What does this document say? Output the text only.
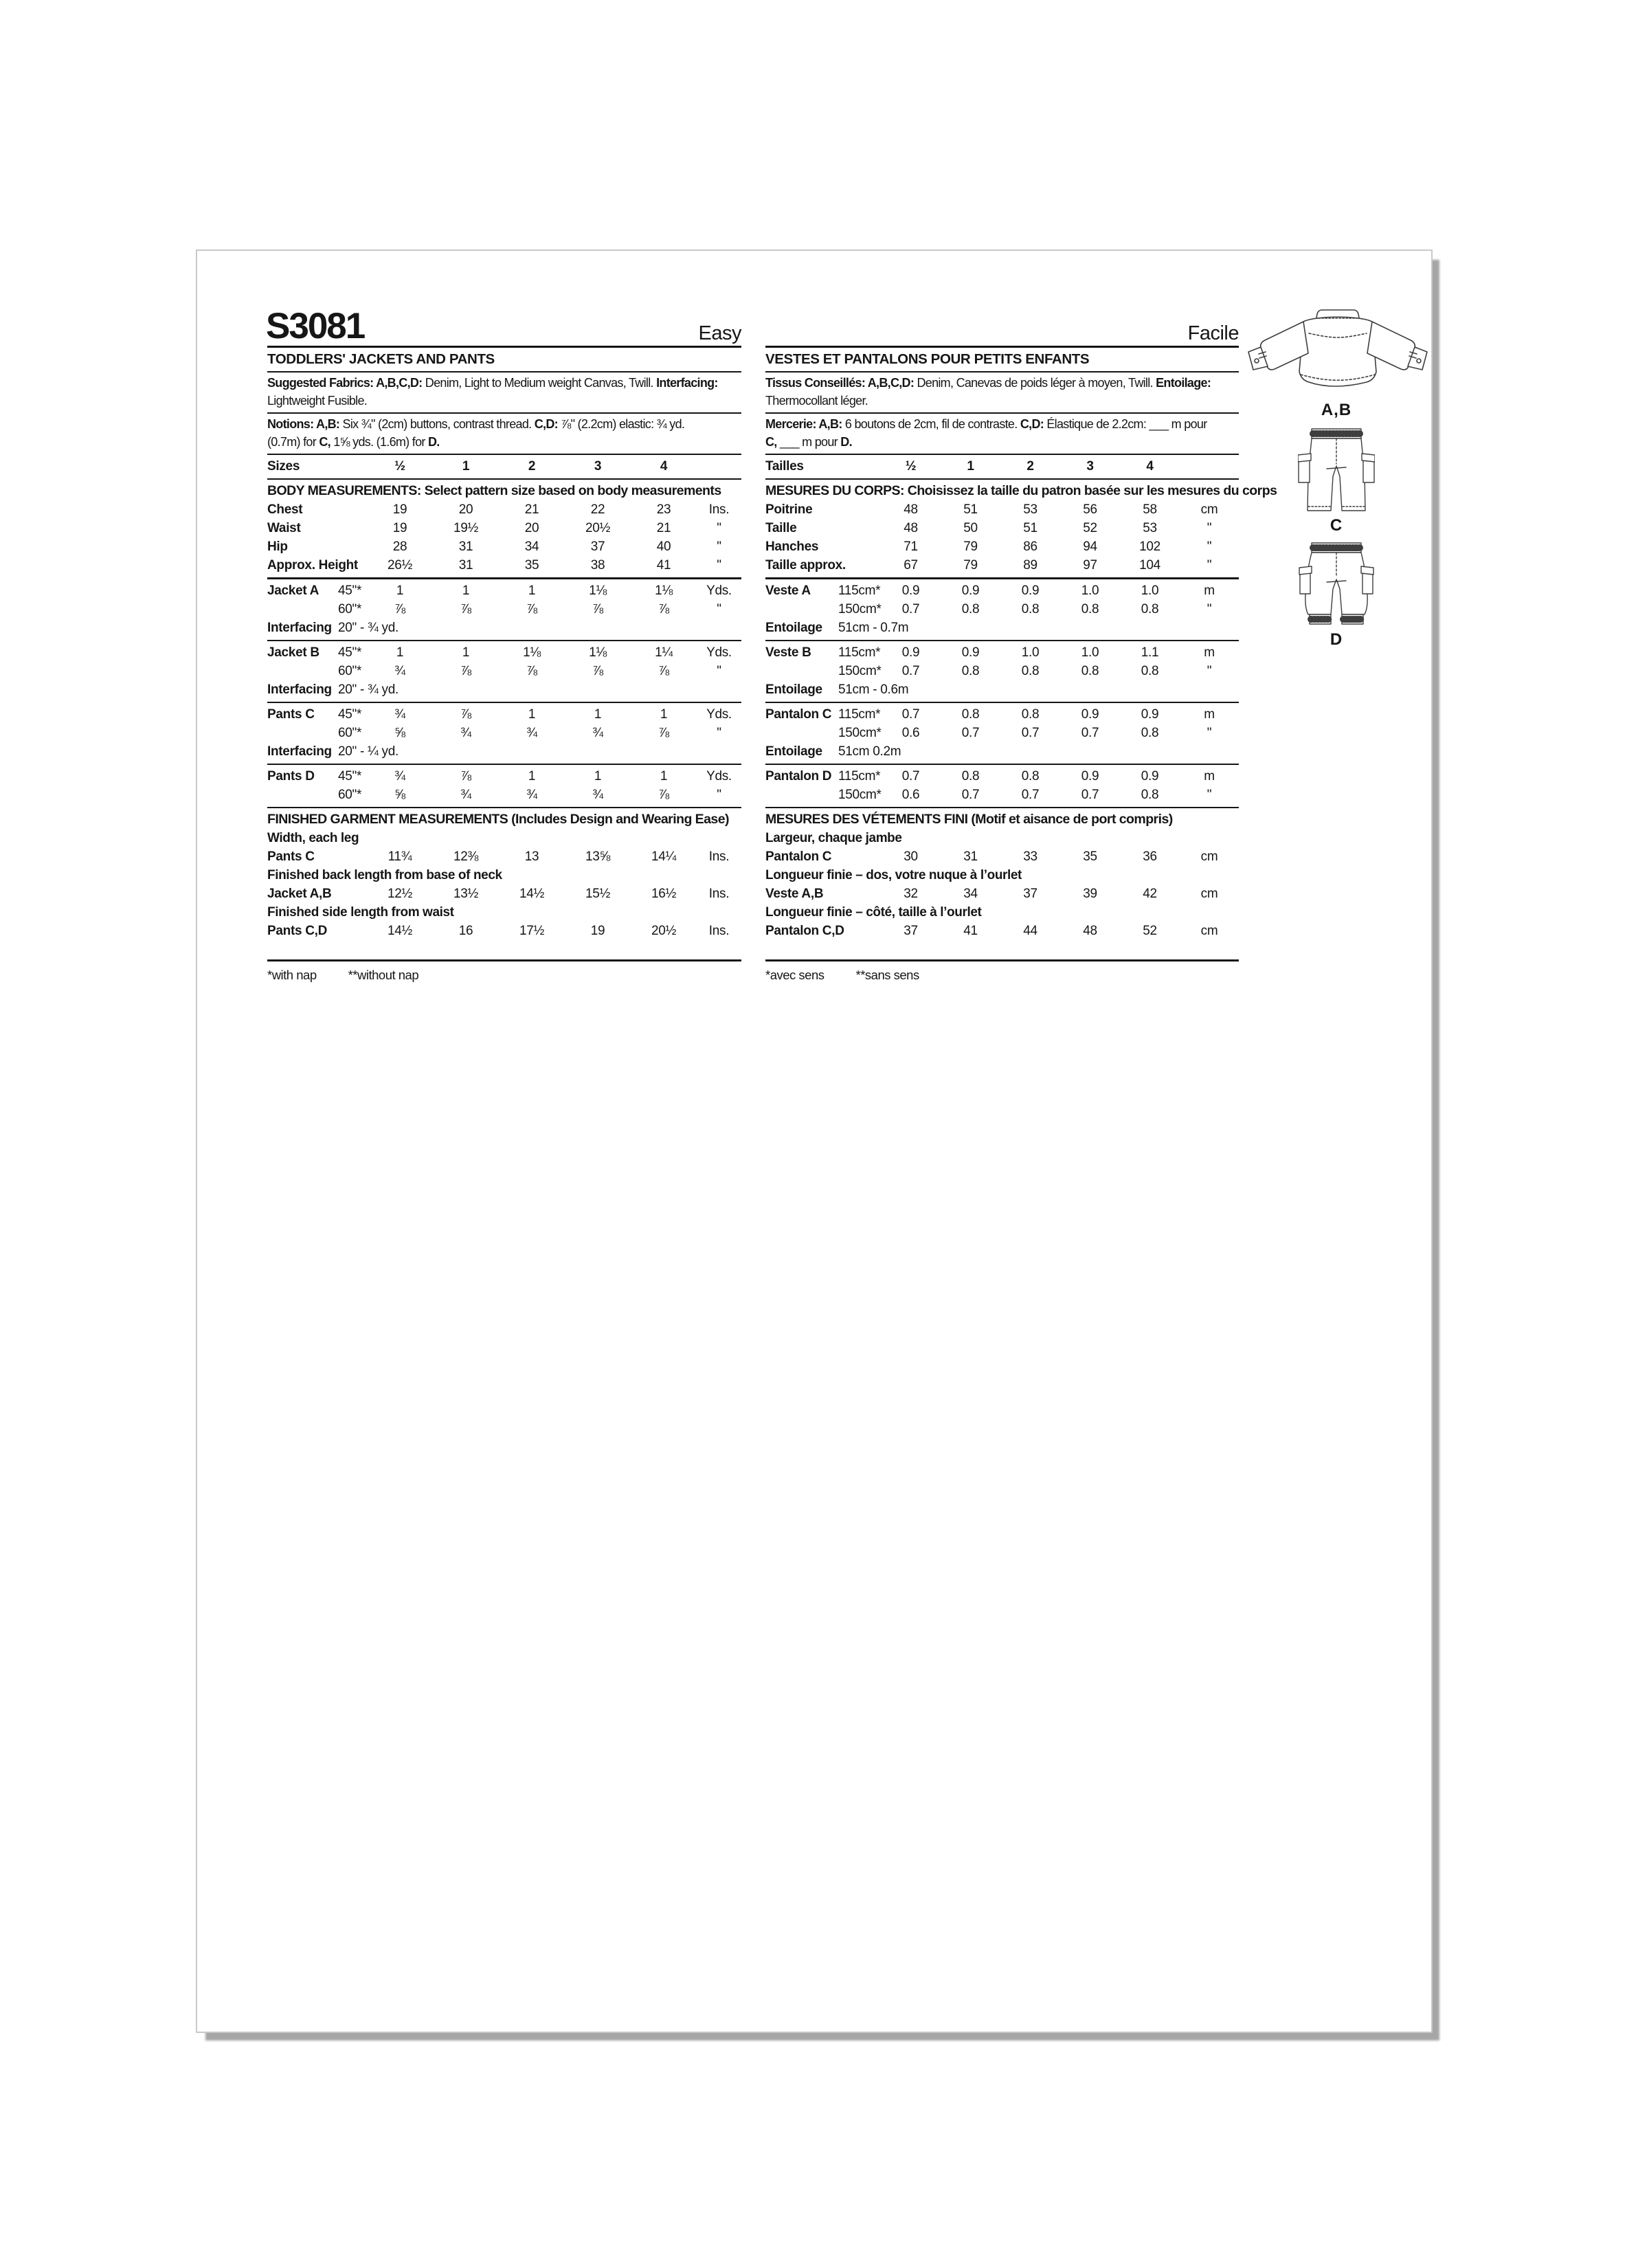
S3081	Easy
TODDLERS' JACKETS AND PANTS
Suggested Fabrics: A,B,C,D: Denim, Light to Medium weight Canvas, Twill. Interfacing:
Lightweight Fusible.
Notions: A,B: Six ¾" (2cm) buttons, contrast thread. C,D: ⅞" (2.2cm) elastic: ¾ yd.
(0.7m) for C, 1⅝ yds. (1.6m) for D.
Sizes	½	1	2	3	4
BODY MEASUREMENTS: Select pattern size based on body measurements
Chest	19	20	21	22	23	Ins.
Waist	19	19½	20	20½	21	"
Hip	28	31	34	37	40	"
Approx. Height	26½	31	35	38	41	"
Jacket A	45"*	1	1	1	1⅛	1⅛	Yds.
60"*	⅞	⅞	⅞	⅞	⅞	"
Interfacing 20" - ¾ yd.
Jacket B	45"*	1	1	1⅛	1⅛	1¼	Yds.
60"*	¾	⅞	⅞	⅞	⅞	"
Interfacing 20" - ¾ yd.
Pants C	45"*	¾	⅞	1	1	1	Yds.
60"*	⅝	¾	¾	¾	⅞	"
Interfacing 20" - ¼ yd.
Pants D	45"*	¾	⅞	1	1	1	Yds.
60"*	⅝	¾	¾	¾	⅞	"
FINISHED GARMENT MEASUREMENTS (Includes Design and Wearing Ease)
Width, each leg
Pants C	11¾	12⅜	13	13⅝	14¼	Ins.
Finished back length from base of neck
Jacket A,B	12½	13½	14½	15½	16½	Ins.
Finished side length from waist
Pants C,D	14½	16	17½	19	20½	Ins.
*with nap **without nap
Facile
VESTES ET PANTALONS POUR PETITS ENFANTS
Tissus Conseillés: A,B,C,D: Denim, Canevas de poids léger à moyen, Twill. Entoilage:
Thermocollant léger.
Mercerie: A,B: 6 boutons de 2cm, fil de contraste. C,D: Élastique de 2.2cm: ___ m pour
C, ___ m pour D.
Tailles	½	1	2	3	4
MESURES DU CORPS: Choisissez la taille du patron basée sur les mesures du corps
Poitrine	48	51	53	56	58	cm
Taille	48	50	51	52	53	"
Hanches	71	79	86	94	102	"
Taille approx.	67	79	89	97	104	"
Veste A	115cm*	0.9	0.9	0.9	1.0	1.0	m
150cm*	0.7	0.8	0.8	0.8	0.8	"
Entoilage	51cm - 0.7m
Veste B	115cm*	0.9	0.9	1.0	1.0	1.1	m
150cm*	0.7	0.8	0.8	0.8	0.8	"
Entoilage	51cm - 0.6m
Pantalon C 115cm*	0.7	0.8	0.8	0.9	0.9	m
150cm*	0.6	0.7	0.7	0.7	0.8	"
Entoilage	51cm 0.2m
Pantalon D 115cm*	0.7	0.8	0.8	0.9	0.9	m
150cm*	0.6	0.7	0.7	0.7	0.8	"
MESURES DES VÉTEMENTS FINI (Motif et aisance de port compris)
Largeur, chaque jambe
Pantalon C	30	31	33	35	36	cm
Longueur finie – dos, votre nuque à l’ourlet
Veste A,B	32	34	37	39	42	cm
Longueur finie – côté, taille à l’ourlet
Pantalon C,D	37	41	44	48	52	cm
*avec sens **sans sens
A,B
C
D
